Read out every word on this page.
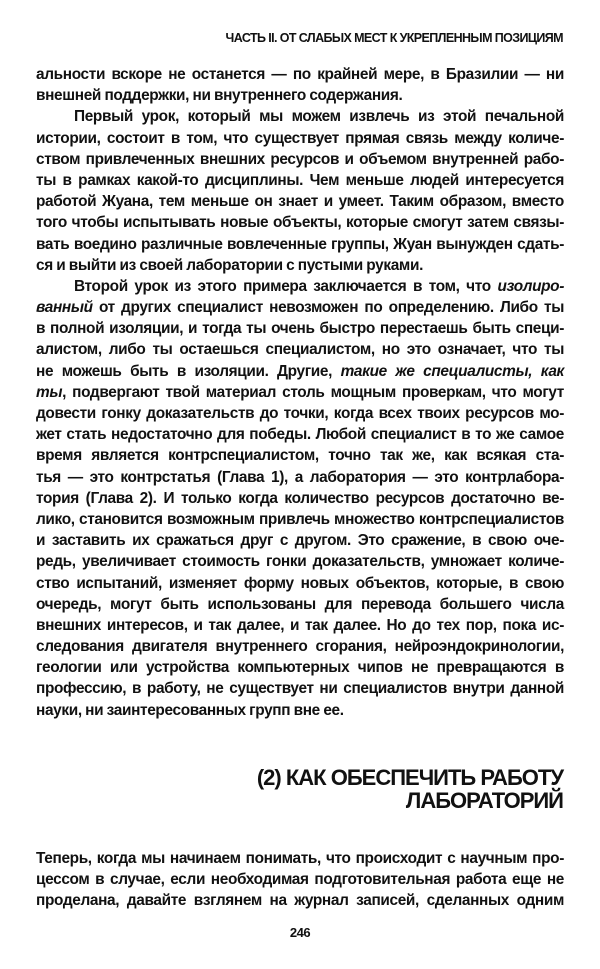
ЧАСТЬ II. ОТ СЛАБЫХ МЕСТ К УКРЕПЛЕННЫМ ПОЗИЦИЯМ
альности вскоре не останется — по крайней мере, в Бразилии — ни
внешней поддержки, ни внутреннего содержания.
Первый урок, который мы можем извлечь из этой печальной
истории, состоит в том, что существует прямая связь между количе-
ством привлеченных внешних ресурсов и объемом внутренней рабо-
ты в рамках какой-то дисциплины. Чем меньше людей интересуется
работой Жуана, тем меньше он знает и умеет. Таким образом, вместо
того чтобы испытывать новые объекты, которые смогут затем связы-
вать воедино различные вовлеченные группы, Жуан вынужден сдать-
ся и выйти из своей лаборатории с пустыми руками.
Второй урок из этого примера заключается в том, что изолиро-
ванный от других специалист невозможен по определению. Либо ты
в полной изоляции, и тогда ты очень быстро перестаешь быть специ-
алистом, либо ты остаешься специалистом, но это означает, что ты
не можешь быть в изоляции. Другие, такие же специалисты, как
ты, подвергают твой материал столь мощным проверкам, что могут
довести гонку доказательств до точки, когда всех твоих ресурсов мо-
жет стать недостаточно для победы. Любой специалист в то же самое
время является контрспециалистом, точно так же, как всякая ста-
тья — это контрстатья (Глава 1), а лаборатория — это контрлабора-
тория (Глава 2). И только когда количество ресурсов достаточно ве-
лико, становится возможным привлечь множество контрспециалистов
и заставить их сражаться друг с другом. Это сражение, в свою оче-
редь, увеличивает стоимость гонки доказательств, умножает количе-
ство испытаний, изменяет форму новых объектов, которые, в свою
очередь, могут быть использованы для перевода большего числа
внешних интересов, и так далее, и так далее. Но до тех пор, пока ис-
следования двигателя внутреннего сгорания, нейроэндокринологии,
геологии или устройства компьютерных чипов не превращаются в
профессию, в работу, не существует ни специалистов внутри данной
науки, ни заинтересованных групп вне ее.
(2) КАК ОБЕСПЕЧИТЬ РАБОТУ
ЛАБОРАТОРИЙ
Теперь, когда мы начинаем понимать, что происходит с научным про-
цессом в случае, если необходимая подготовительная работа еще не
проделана, давайте взглянем на журнал записей, сделанных одним
246
